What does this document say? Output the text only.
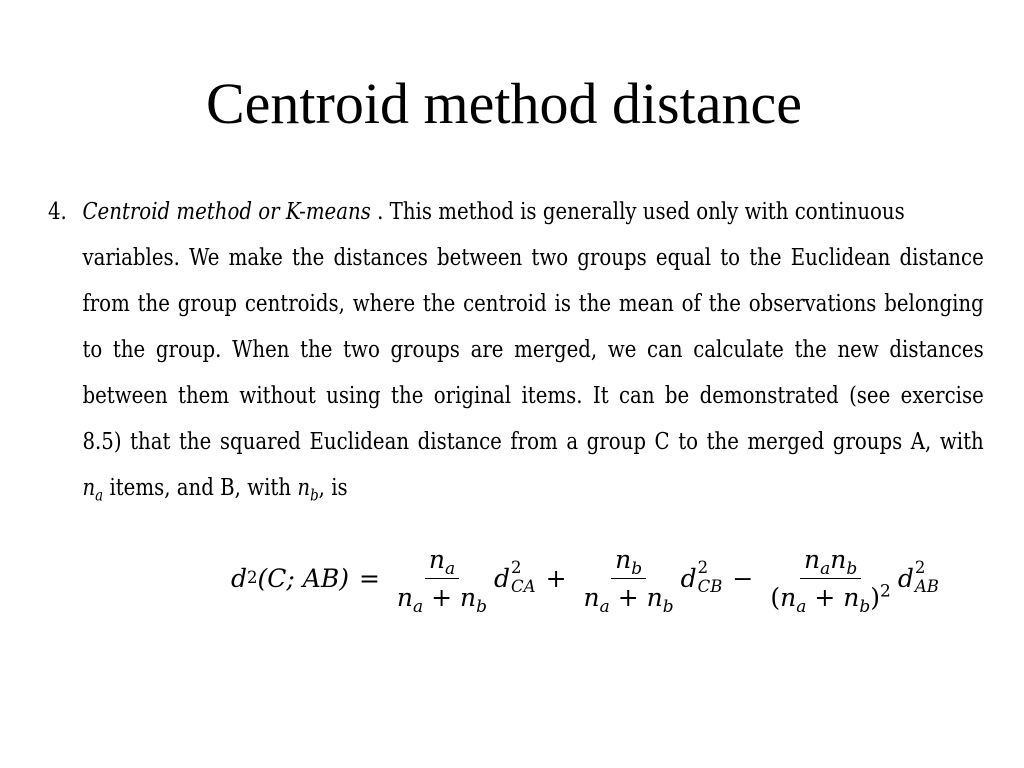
Centroid method distance
4. Centroid method or K-means . This method is generally used only with continuous
variables. We make the distances between two groups equal to the Euclidean distance
from the group centroids, where the centroid is the mean of the observations belonging
to the group. When the two groups are merged, we can calculate the new distances
between them without using the original items. It can be demonstrated (see exercise
8.5) that the squared Euclidean distance from a group C to the merged groups A, with
$n_a$ items, and B, with $n_b$, is
d 2 (C; $AB) = \frac{n_a}{n_a + n_b}$ d 2
CA + $\frac{n_b}{n_a + n_b}$ d 2
CB − $\frac{n_an_b}{(n_a + n_b)^2}$ d 2
AB
